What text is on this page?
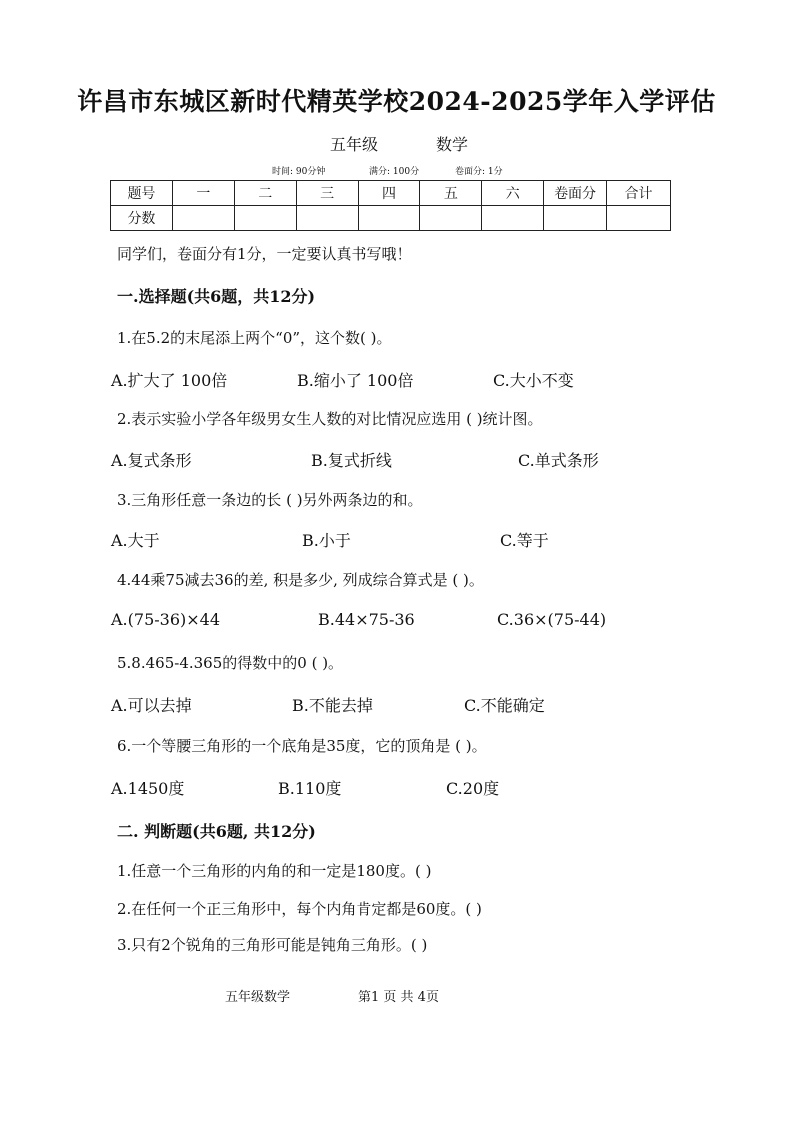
许昌市东城区新时代精英学校2024-2025学年入学评估
五年级	数学
时间: 90分钟	满分: 100分	卷面分: 1分
题号	一	二	三	四	五	六	卷面分	合计
分数								
同学们，卷面分有1分，一定要认真书写哦！
一.选择题(共6题，共12分)
1.在5.2的末尾添上两个“0”，这个数( )。
A.扩大了 100倍	B.缩小了 100倍	C.大小不变
2.表示实验小学各年级男女生人数的对比情况应选用 ( )统计图。
A.复式条形	B.复式折线	C.单式条形
3.三角形任意一条边的长 ( )另外两条边的和。
A.大于	B.小于	C.等于
4.44乘75减去36的差, 积是多少, 列成综合算式是 ( )。
A.(75-36)×44	B.44×75-36	C.36×(75-44)
5.8.465-4.365的得数中的0 ( )。
A.可以去掉	B.不能去掉	C.不能确定
6.一个等腰三角形的一个底角是35度，它的顶角是 ( )。
A.1450度	B.110度	C.20度
二. 判断题(共6题, 共12分)
1.任意一个三角形的内角的和一定是180度。( )
2.在任何一个正三角形中，每个内角肯定都是60度。( )
3.只有2个锐角的三角形可能是钝角三角形。( )
五年级数学	第1 页 共 4页
